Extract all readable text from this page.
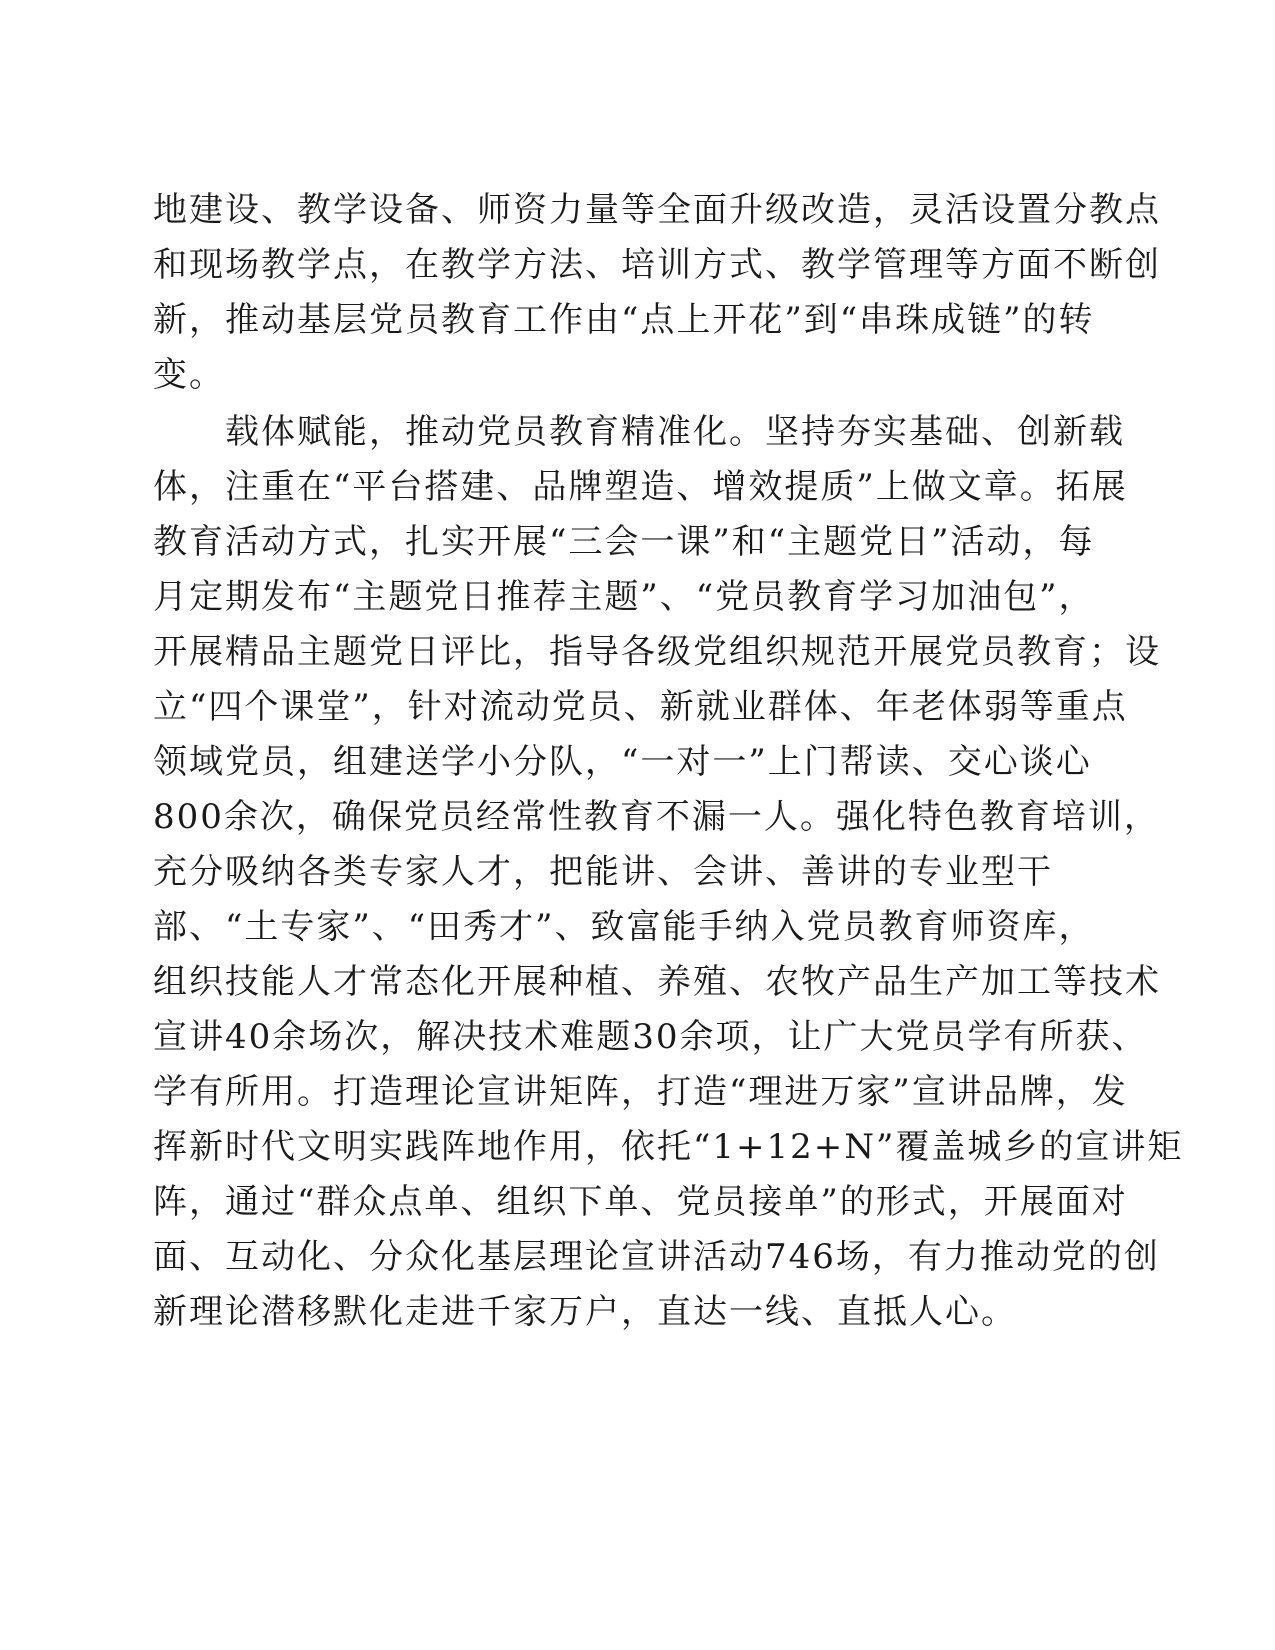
地建设、教学设备、师资力量等全面升级改造，灵活设置分教点
和现场教学点，在教学方法、培训方式、教学管理等方面不断创
新，推动基层党员教育工作由“点上开花”到“串珠成链”的转
变。
载体赋能，推动党员教育精准化。坚持夯实基础、创新载
体，注重在“平台搭建、品牌塑造、增效提质”上做文章。拓展
教育活动方式，扎实开展“三会一课”和“主题党日”活动，每
月定期发布“主题党日推荐主题”、“党员教育学习加油包”，
开展精品主题党日评比，指导各级党组织规范开展党员教育；设
立“四个课堂”，针对流动党员、新就业群体、年老体弱等重点
领域党员，组建送学小分队，“一对一”上门帮读、交心谈心
800余次，确保党员经常性教育不漏一人。强化特色教育培训，
充分吸纳各类专家人才，把能讲、会讲、善讲的专业型干
部、“土专家”、“田秀才”、致富能手纳入党员教育师资库，
组织技能人才常态化开展种植、养殖、农牧产品生产加工等技术
宣讲40余场次，解决技术难题30余项，让广大党员学有所获、
学有所用。打造理论宣讲矩阵，打造“理进万家”宣讲品牌，发
挥新时代文明实践阵地作用，依托“1+12+N”覆盖城乡的宣讲矩
阵，通过“群众点单、组织下单、党员接单”的形式，开展面对
面、互动化、分众化基层理论宣讲活动746场，有力推动党的创
新理论潜移默化走进千家万户，直达一线、直抵人心。
